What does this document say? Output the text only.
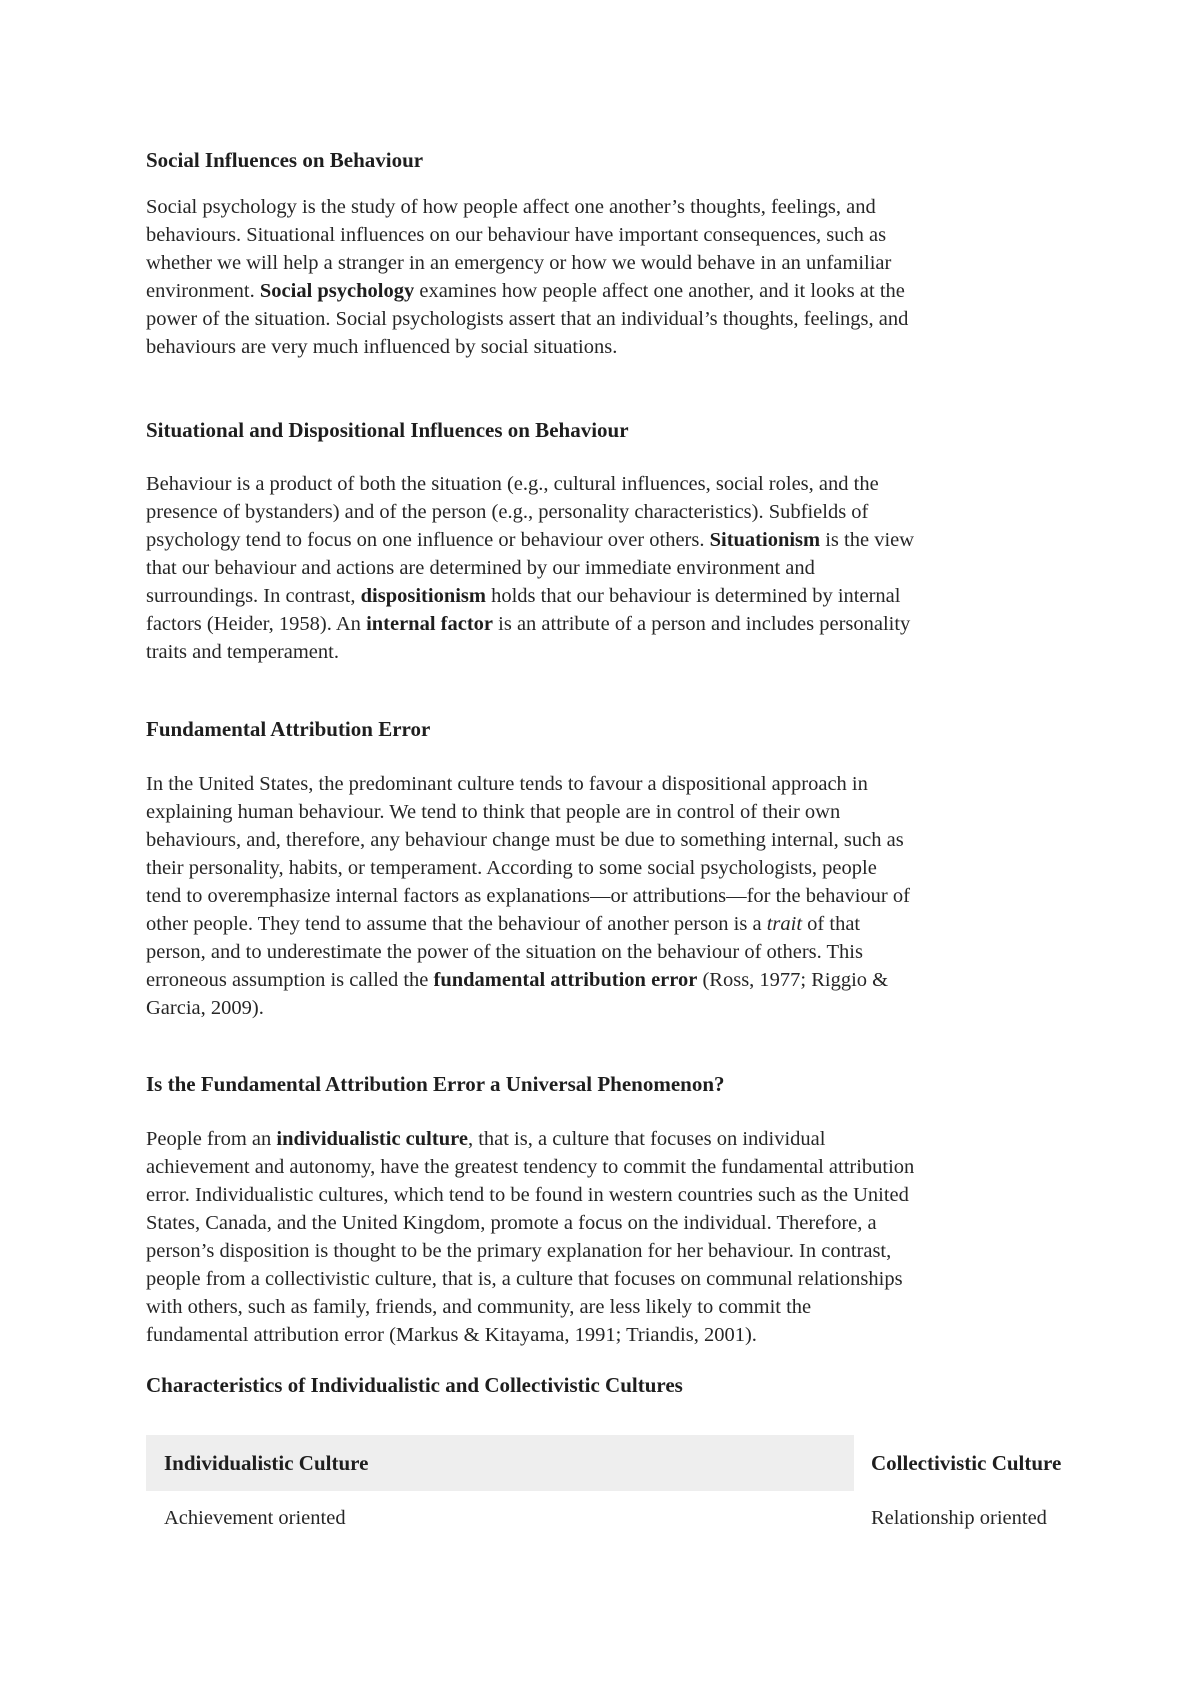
Social Influences on Behaviour
Social psychology is the study of how people affect one another’s thoughts, feelings, and
behaviours. Situational influences on our behaviour have important consequences, such as
whether we will help a stranger in an emergency or how we would behave in an unfamiliar
environment. Social psychology examines how people affect one another, and it looks at the
power of the situation. Social psychologists assert that an individual’s thoughts, feelings, and
behaviours are very much influenced by social situations.
Situational and Dispositional Influences on Behaviour
Behaviour is a product of both the situation (e.g., cultural influences, social roles, and the
presence of bystanders) and of the person (e.g., personality characteristics). Subfields of
psychology tend to focus on one influence or behaviour over others. Situationism is the view
that our behaviour and actions are determined by our immediate environment and
surroundings. In contrast, dispositionism holds that our behaviour is determined by internal
factors (Heider, 1958). An internal factor is an attribute of a person and includes personality
traits and temperament.
Fundamental Attribution Error
In the United States, the predominant culture tends to favour a dispositional approach in
explaining human behaviour. We tend to think that people are in control of their own
behaviours, and, therefore, any behaviour change must be due to something internal, such as
their personality, habits, or temperament. According to some social psychologists, people
tend to overemphasize internal factors as explanations—or attributions—for the behaviour of
other people. They tend to assume that the behaviour of another person is a trait of that
person, and to underestimate the power of the situation on the behaviour of others. This
erroneous assumption is called the fundamental attribution error (Ross, 1977; Riggio &
Garcia, 2009).
Is the Fundamental Attribution Error a Universal Phenomenon?
People from an individualistic culture, that is, a culture that focuses on individual
achievement and autonomy, have the greatest tendency to commit the fundamental attribution
error. Individualistic cultures, which tend to be found in western countries such as the United
States, Canada, and the United Kingdom, promote a focus on the individual. Therefore, a
person’s disposition is thought to be the primary explanation for her behaviour. In contrast,
people from a collectivistic culture, that is, a culture that focuses on communal relationships
with others, such as family, friends, and community, are less likely to commit the
fundamental attribution error (Markus & Kitayama, 1991; Triandis, 2001).
Characteristics of Individualistic and Collectivistic Cultures
Individualistic Culture	Collectivistic Culture
Achievement oriented	Relationship oriented
